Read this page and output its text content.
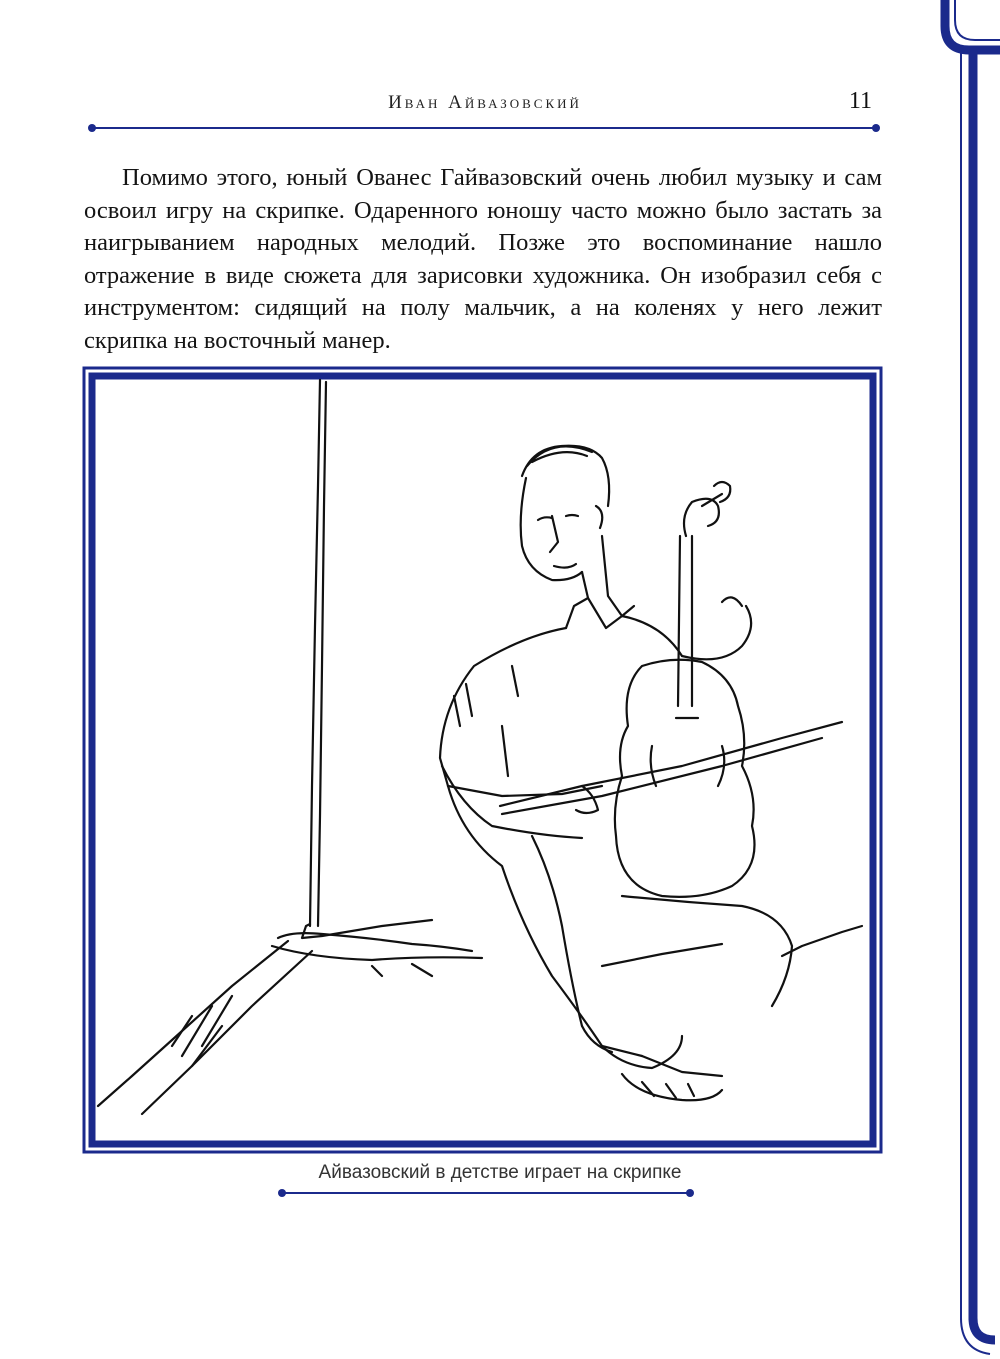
Иван Айвазовский	11

Помимо этого, юный Ованес Гайвазовский очень любил музыку и сам освоил игру на скрипке. Одаренного юношу часто можно было застать за наигрыванием народных мелодий. Позже это воспоминание нашло отражение в виде сюжета для зарисовки художника. Он изобразил себя с инструментом: сидящий на полу мальчик, а на коленях у него лежит скрипка на восточный манер.

Айвазовский в детстве играет на скрипке
